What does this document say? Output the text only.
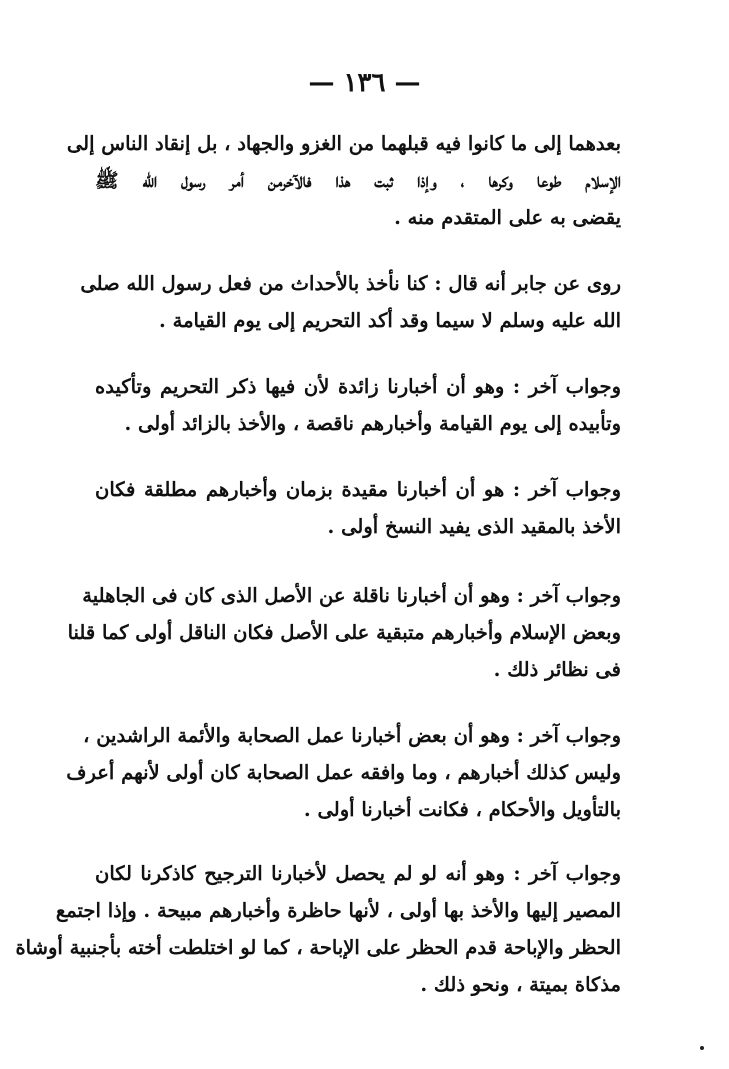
— ١٣٦ —
بعدهما إلى ما كانوا فيه قبلهما من الغزو والجهاد ، بل إنقاد الناس إلى
الإسلام طوعا وكرها ، وإذا ثبت هذا فالآخرمن أمر رسول الله ﷺ
يقضى به على المتقدم منه .
روى عن جابر أنه قال : كنا نأخذ بالأحداث من فعل رسول الله صلى
الله عليه وسلم لا سيما وقد أكد التحريم إلى يوم القيامة .
وجواب آخر : وهو أن أخبارنا زائدة لأن فيها ذكر التحريم وتأكيده
وتأبيده إلى يوم القيامة وأخبارهم ناقصة ، والأخذ بالزائد أولى .
وجواب آخر : هو أن أخبارنا مقيدة بزمان وأخبارهم مطلقة فكان
الأخذ بالمقيد الذى يفيد النسخ أولى .
وجواب آخر : وهو أن أخبارنا ناقلة عن الأصل الذى كان فى الجاهلية
وبعض الإسلام وأخبارهم متبقية على الأصل فكان الناقل أولى كما قلنا
فى نظائر ذلك .
وجواب آخر : وهو أن بعض أخبارنا عمل الصحابة والأئمة الراشدين ،
وليس كذلك أخبارهم ، وما وافقه عمل الصحابة كان أولى لأنهم أعرف
بالتأويل والأحكام ، فكانت أخبارنا أولى .
وجواب آخر : وهو أنه لو لم يحصل لأخبارنا الترجيح كاذكرنا لكان
المصير إليها والأخذ بها أولى ، لأنها حاظرة وأخبارهم مبيحة . وإذا اجتمع
الحظر والإباحة قدم الحظر على الإباحة ، كما لو اختلطت أخته بأجنبية أوشاة
مذكاة بميتة ، ونحو ذلك .
